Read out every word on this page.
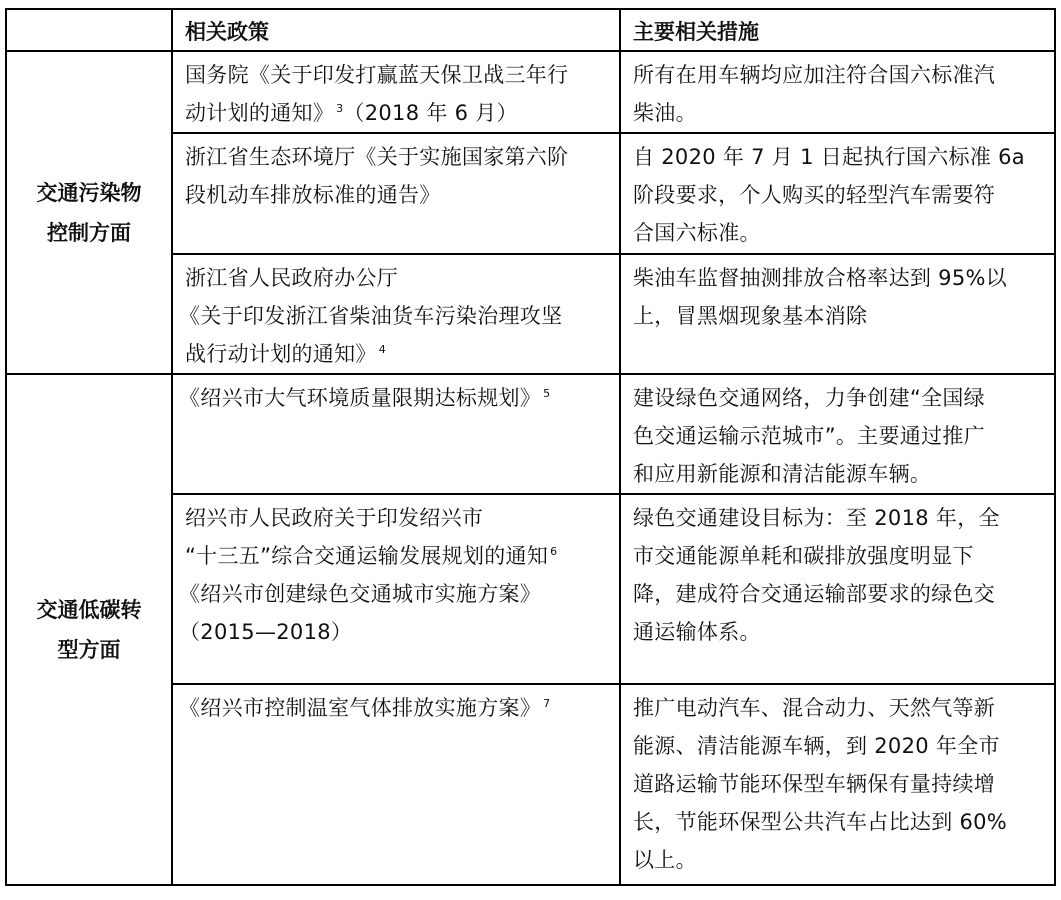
	相关政策	主要相关措施

交通污染物
控制方面	国务院《关于印发打赢蓝天保卫战三年行
动计划的通知》 $^3$（2018 年 6 月）	所有在用车辆均应加注符合国六标准汽
柴油。

	浙江省生态环境厅《关于实施国家第六阶
段机动车排放标准的通告》	自 2020 年 7 月 1 日起执行国六标准 6a
阶段要求，个人购买的轻型汽车需要符
合国六标准。

	浙江省人民政府办公厅
《关于印发浙江省柴油货车污染治理攻坚
战行动计划的通知》 $^4$	柴油车监督抽测排放合格率达到 95%以
上，冒黑烟现象基本消除

交通低碳转
型方面	《绍兴市大气环境质量限期达标规划》 $^5$	建设绿色交通网络，力争创建“全国绿
色交通运输示范城市”。主要通过推广
和应用新能源和清洁能源车辆。

	绍兴市人民政府关于印发绍兴市
“十三五”综合交通运输发展规划的通知 $^6$
《绍兴市创建绿色交通城市实施方案》
（2015—2018）	绿色交通建设目标为：至 2018 年，全
市交通能源单耗和碳排放强度明显下
降，建成符合交通运输部要求的绿色交
通运输体系。

	《绍兴市控制温室气体排放实施方案》 $^7$	推广电动汽车、混合动力、天然气等新
能源、清洁能源车辆，到 2020 年全市
道路运输节能环保型车辆保有量持续增
长，节能环保型公共汽车占比达到 60%
以上。
